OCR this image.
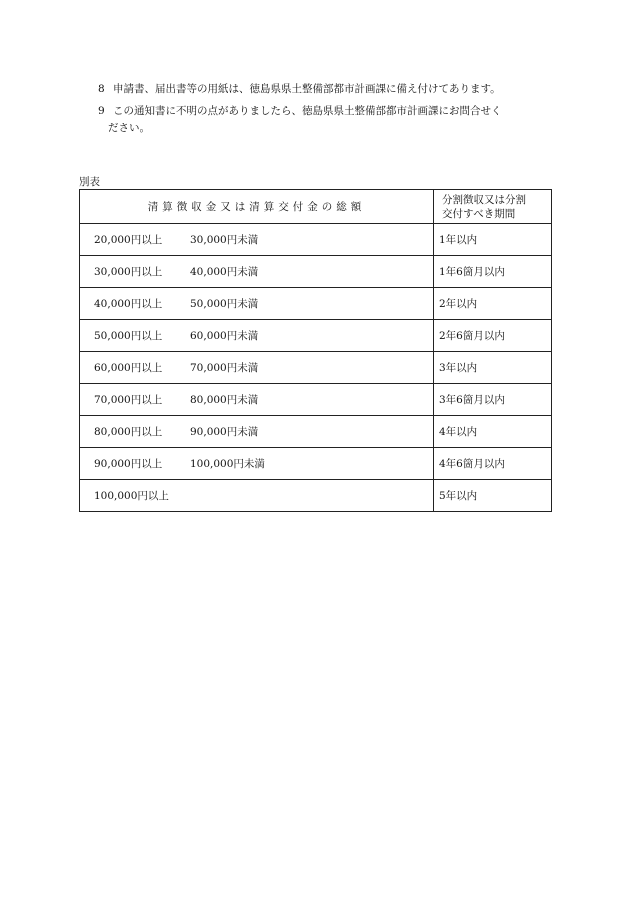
8 申請書、届出書等の用紙は、徳島県県土整備部都市計画課に備え付けてあります。
9 この通知書に不明の点がありましたら、徳島県県土整備部都市計画課にお問合せく
ださい。
別表
清算徴収金又は清算交付金の総額	分割徴収又は分割
交付すべき期間
20,000円以上 30,000円未満	1年以内
30,000円以上 40,000円未満	1年6箇月以内
40,000円以上 50,000円未満	2年以内
50,000円以上 60,000円未満	2年6箇月以内
60,000円以上 70,000円未満	3年以内
70,000円以上 80,000円未満	3年6箇月以内
80,000円以上 90,000円未満	4年以内
90,000円以上 100,000円未満	4年6箇月以内
100,000円以上	5年以内
